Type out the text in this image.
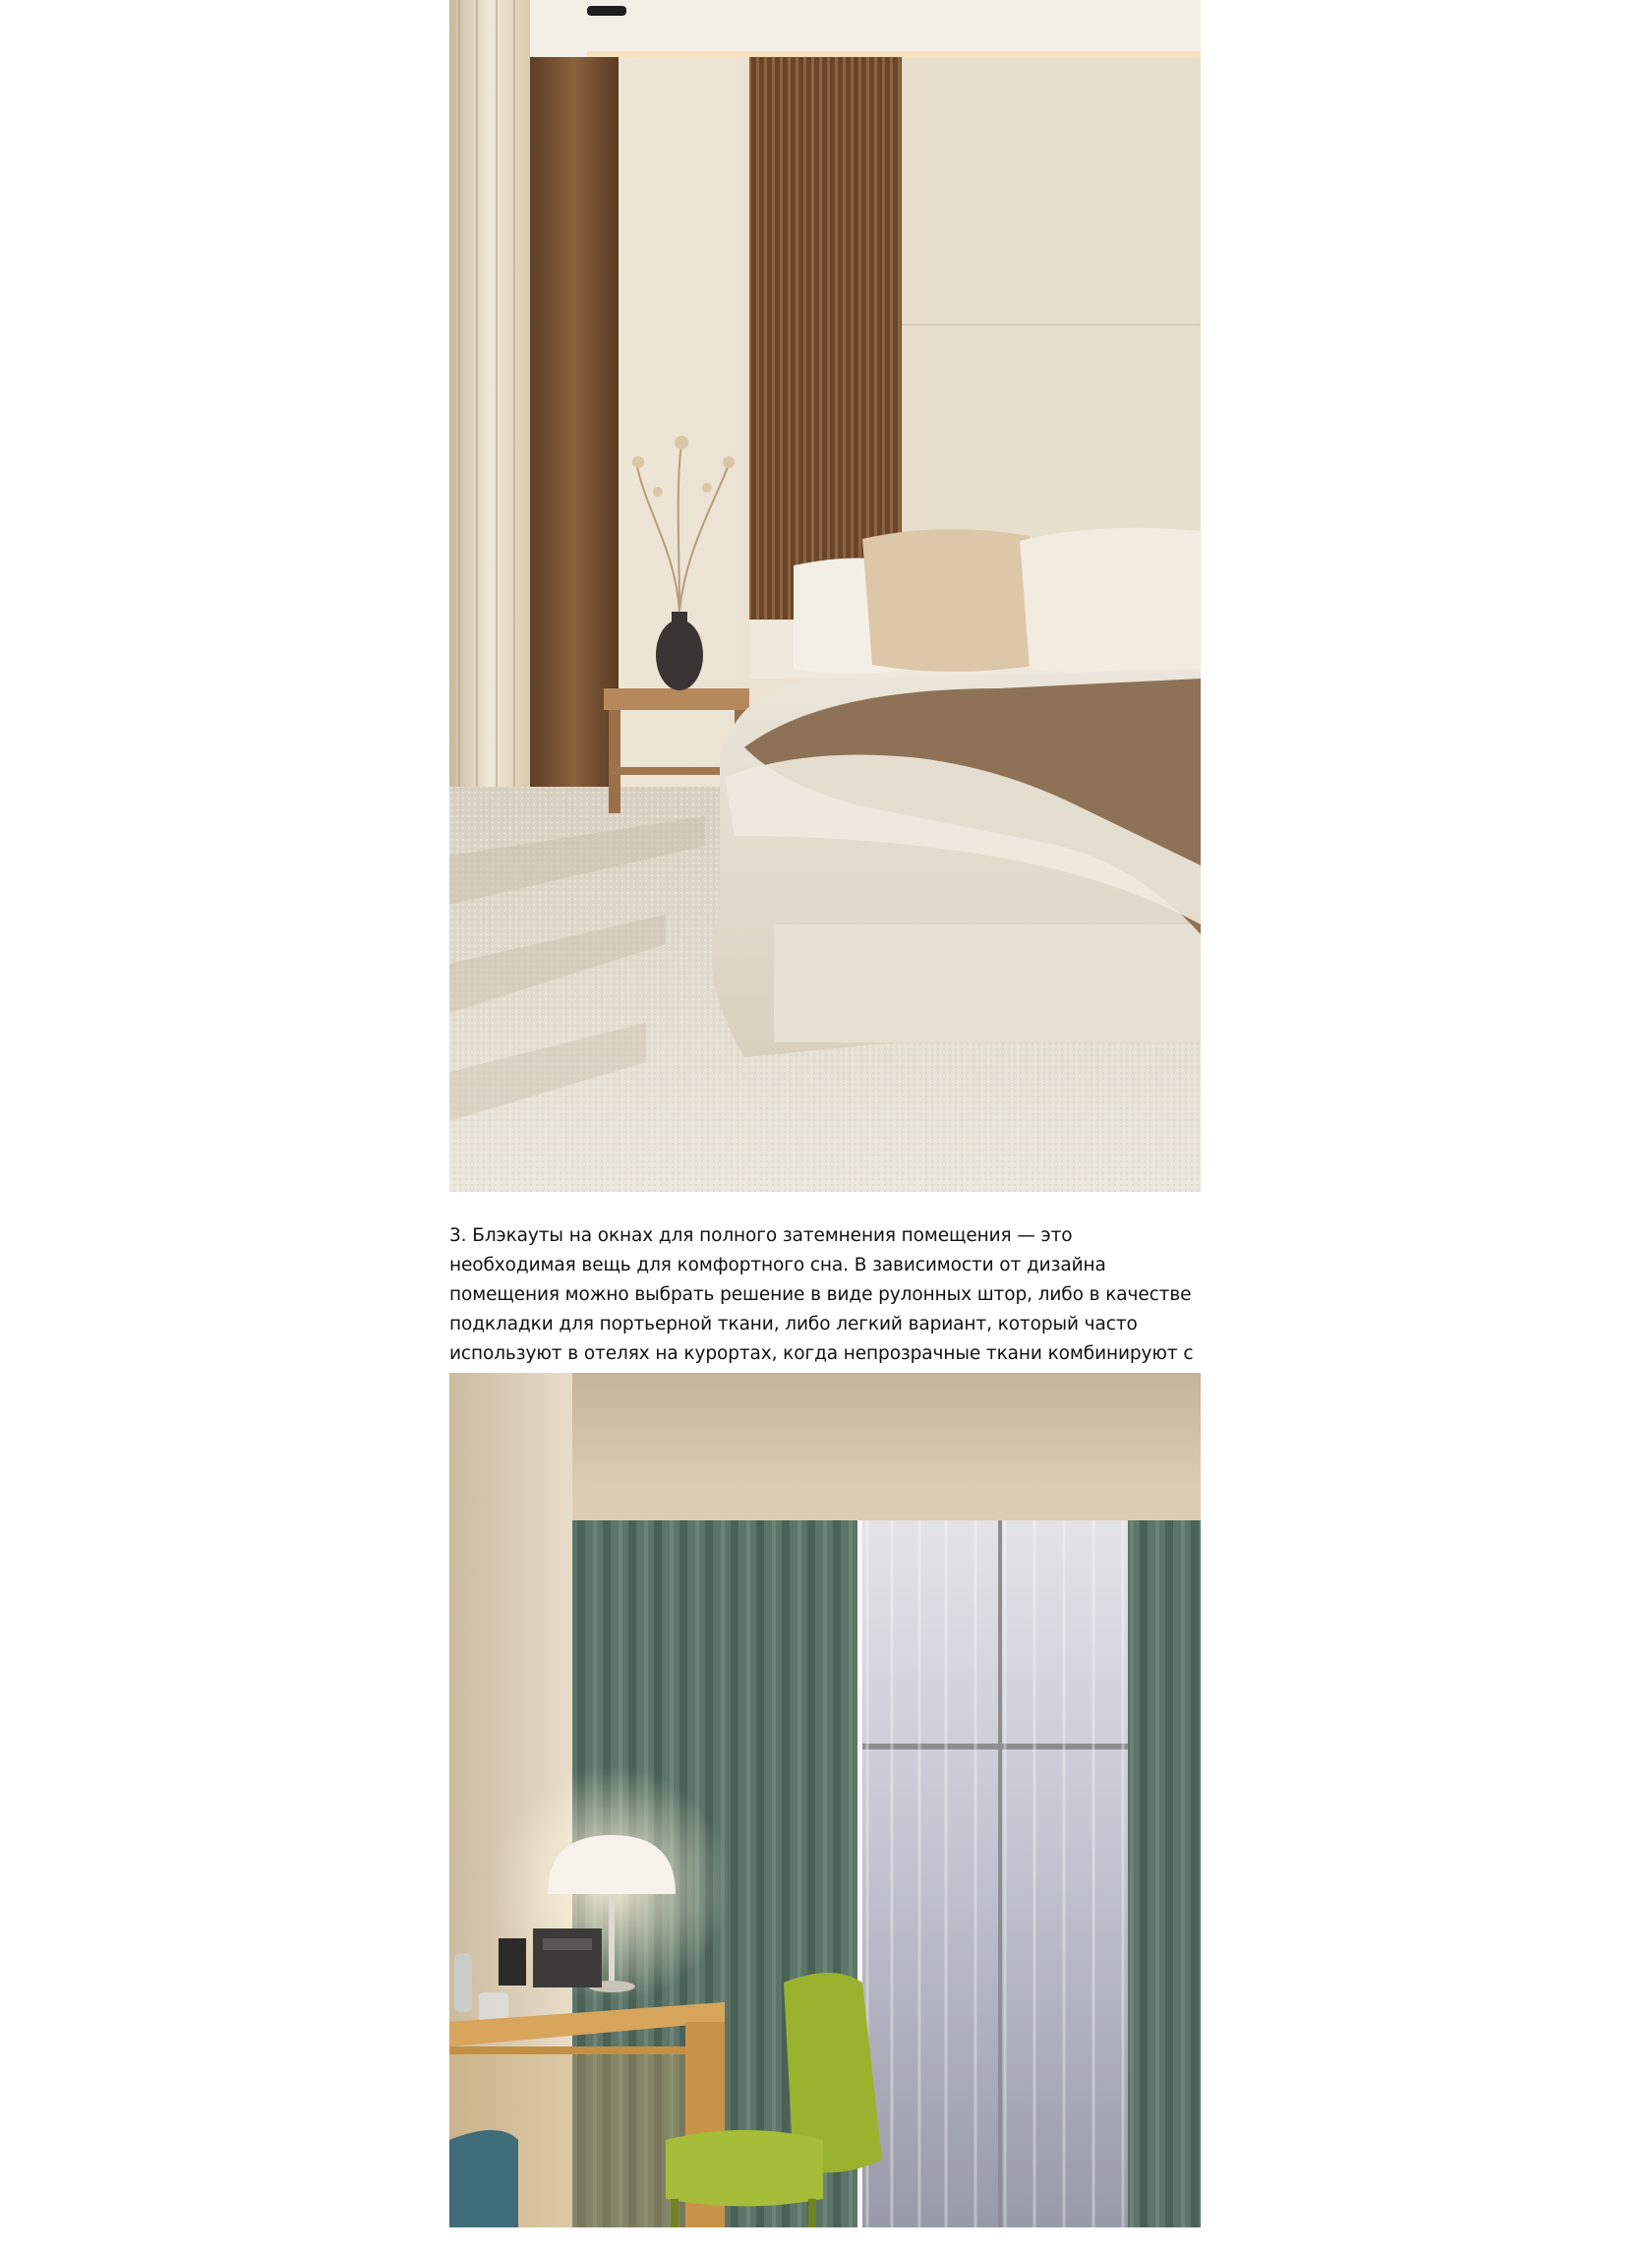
3. Блэкауты на окнах для полного затемнения помещения — это необходимая вещь для комфортного сна. В зависимости от дизайна помещения можно выбрать решение в виде рулонных штор, либо в качестве подкладки для портьерной ткани, либо легкий вариант, который часто используют в отелях на курортах, когда непрозрачные ткани комбинируют с
